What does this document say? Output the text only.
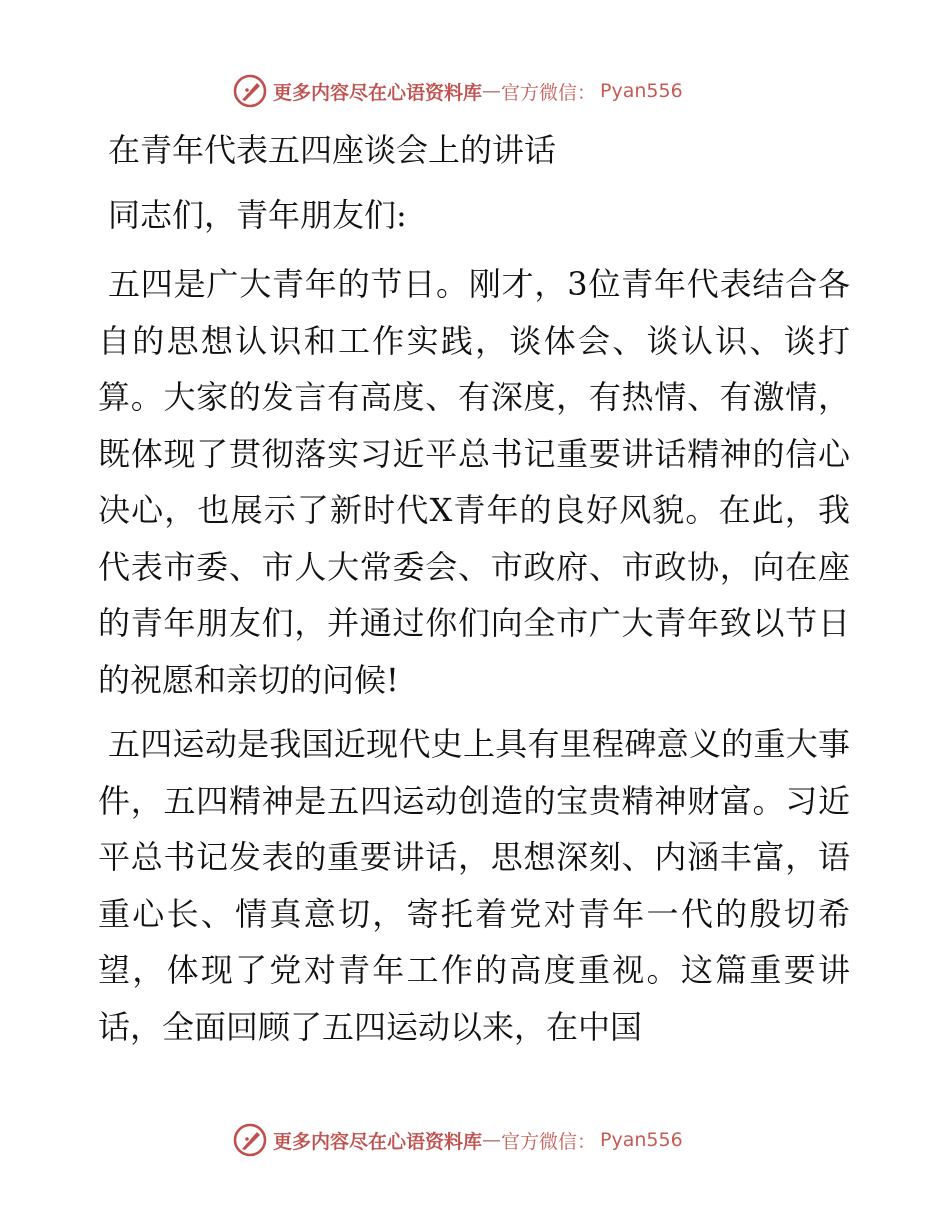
更多内容尽在心语资料库 — 官方微信： Pyan556

在青年代表五四座谈会上的讲话

同志们，青年朋友们:

五四是广大青年的节日。刚才，3位青年代表结合各自的思想认识和工作实践，谈体会、谈认识、谈打算。大家的发言有高度、有深度，有热情、有激情，既体现了贯彻落实习近平总书记重要讲话精神的信心决心，也展示了新时代X青年的良好风貌。在此，我代表市委、市人大常委会、市政府、市政协，向在座的青年朋友们，并通过你们向全市广大青年致以节日的祝愿和亲切的问候!

五四运动是我国近现代史上具有里程碑意义的重大事件，五四精神是五四运动创造的宝贵精神财富。习近平总书记发表的重要讲话，思想深刻、内涵丰富，语重心长、情真意切，寄托着党对青年一代的殷切希望，体现了党对青年工作的高度重视。这篇重要讲话，全面回顾了五四运动以来，在中国

更多内容尽在心语资料库 — 官方微信： Pyan556
